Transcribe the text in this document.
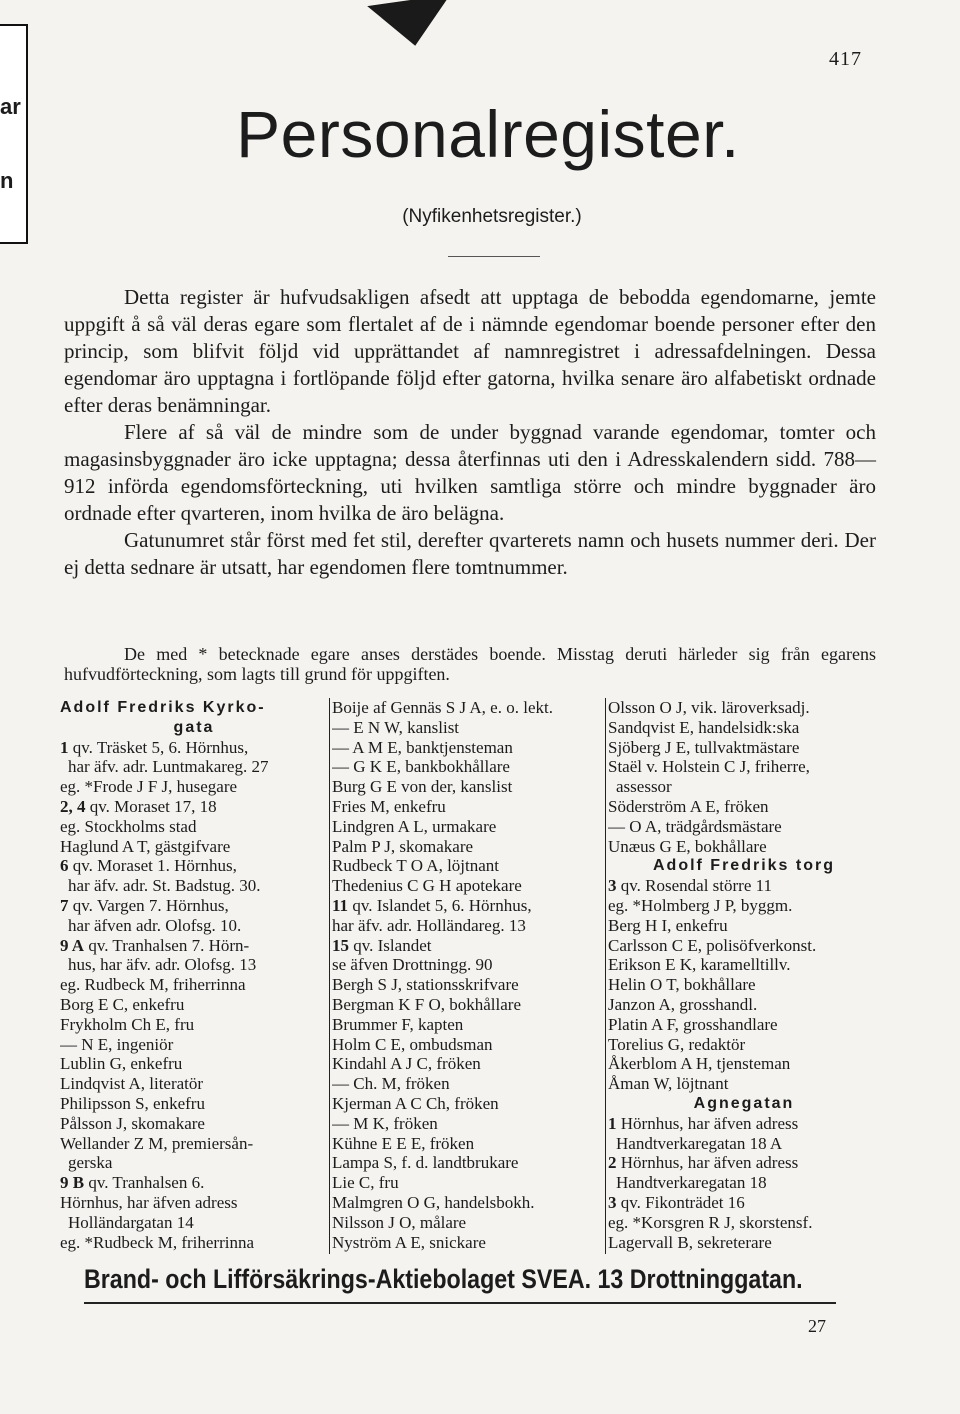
ar
n
417
Personalregister.
(Nyfikenhetsregister.)

Detta register är hufvudsakligen afsedt att upptaga de bebodda egendomarne, jemte uppgift å så väl deras egare som flertalet af de i nämnde egendomar boende personer efter den princip, som blifvit följd vid upprättandet af namnregistret i adressafdelningen. Dessa egendomar äro upptagna i fortlöpande följd efter gatorna, hvilka senare äro alfabetiskt ordnade efter deras benämningar.

Flere af så väl de mindre som de under byggnad varande egendomar, tomter och magasinsbyggnader äro icke upptagna; dessa återfinnas uti den i Adresskalendern sidd. 788—912 införda egendomsförteckning, uti hvilken samtliga större och mindre byggnader äro ordnade efter qvarteren, inom hvilka de äro belägna.

Gatunumret står först med fet stil, derefter qvarterets namn och husets nummer deri. Der ej detta sednare är utsatt, har egendomen flere tomtnummer.

De med * betecknade egare anses derstädes boende. Misstag deruti härleder sig från egarens hufvudförteckning, som lagts till grund för uppgiften.

Adolf Fredriks Kyrko-
gata
1 qv. Träsket 5, 6. Hörnhus,
har äfv. adr. Luntmakareg. 27
eg. *Frode J F J, husegare
2, 4 qv. Moraset 17, 18
eg. Stockholms stad
Haglund A T, gästgifvare
6 qv. Moraset 1. Hörnhus,
har äfv. adr. St. Badstug. 30.
7 qv. Vargen 7. Hörnhus,
har äfven adr. Olofsg. 10.
9 A qv. Tranhalsen 7. Hörn-
hus, har äfv. adr. Olofsg. 13
eg. Rudbeck M, friherrinna
Borg E C, enkefru
Frykholm Ch E, fru
— N E, ingeniör
Lublin G, enkefru
Lindqvist A, literatör
Philipsson S, enkefru
Pålsson J, skomakare
Wellander Z M, premiersån-
gerska
9 B qv. Tranhalsen 6.
Hörnhus, har äfven adress
Holländargatan 14
eg. *Rudbeck M, friherrinna
Boije af Gennäs S J A, e. o. lekt.
— E N W, kanslist
— A M E, banktjensteman
— G K E, bankbokhållare
Burg G E von der, kanslist
Fries M, enkefru
Lindgren A L, urmakare
Palm P J, skomakare
Rudbeck T O A, löjtnant
Thedenius C G H apotekare
11 qv. Islandet 5, 6. Hörnhus,
har äfv. adr. Holländareg. 13
15 qv. Islandet
se äfven Drottningg. 90
Bergh S J, stationsskrifvare
Bergman K F O, bokhållare
Brummer F, kapten
Holm C E, ombudsman
Kindahl A J C, fröken
— Ch. M, fröken
Kjerman A C Ch, fröken
— M K, fröken
Kühne E E E, fröken
Lampa S, f. d. landtbrukare
Lie C, fru
Malmgren O G, handelsbokh.
Nilsson J O, målare
Nyström A E, snickare
Olsson O J, vik. läroverksadj.
Sandqvist E, handelsidk:ska
Sjöberg J E, tullvaktmästare
Staël v. Holstein C J, friherre,
assessor
Söderström A E, fröken
— O A, trädgårdsmästare
Unæus G E, bokhållare
Adolf Fredriks torg
3 qv. Rosendal större 11
eg. *Holmberg J P, byggm.
Berg H I, enkefru
Carlsson C E, polisöfverkonst.
Erikson E K, karamelltillv.
Helin O T, bokhållare
Janzon A, grosshandl.
Platin A F, grosshandlare
Torelius G, redaktör
Åkerblom A H, tjensteman
Åman W, löjtnant
Agnegatan
1 Hörnhus, har äfven adress
Handtverkaregatan 18 A
2 Hörnhus, har äfven adress
Handtverkaregatan 18
3 qv. Fikonträdet 16
eg. *Korsgren R J, skorstensf.
Lagervall B, sekreterare
Brand- och Lifförsäkrings-Aktiebolaget SVEA. 13 Drottninggatan.
27
